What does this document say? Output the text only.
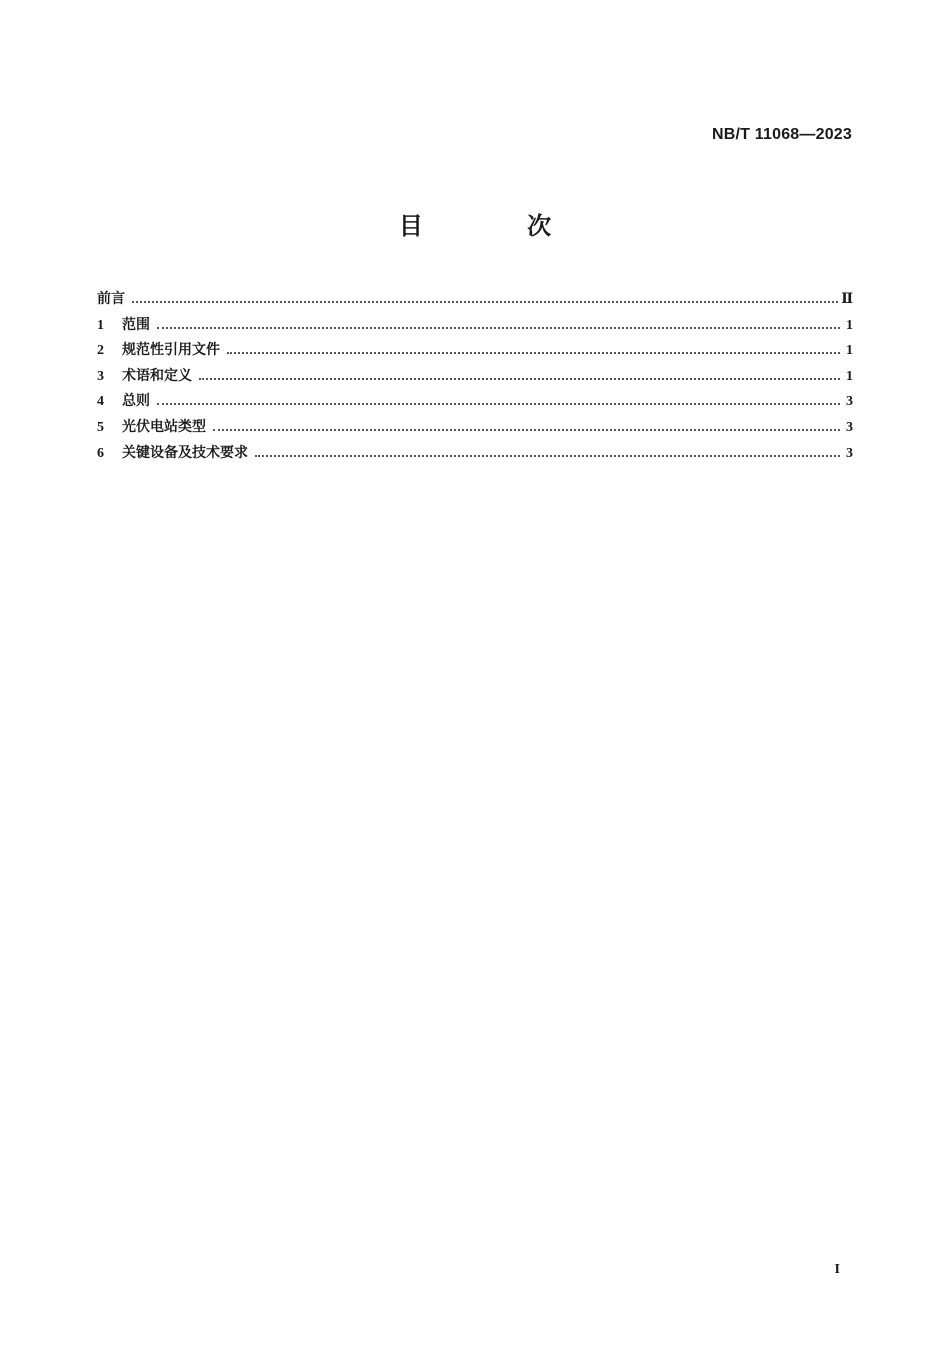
NB/T 11068—2023
目 次
前言	Ⅱ
1	范围	1
2	规范性引用文件	1
3	术语和定义	1
4	总则	3
5	光伏电站类型	3
6	关键设备及技术要求	3
I
